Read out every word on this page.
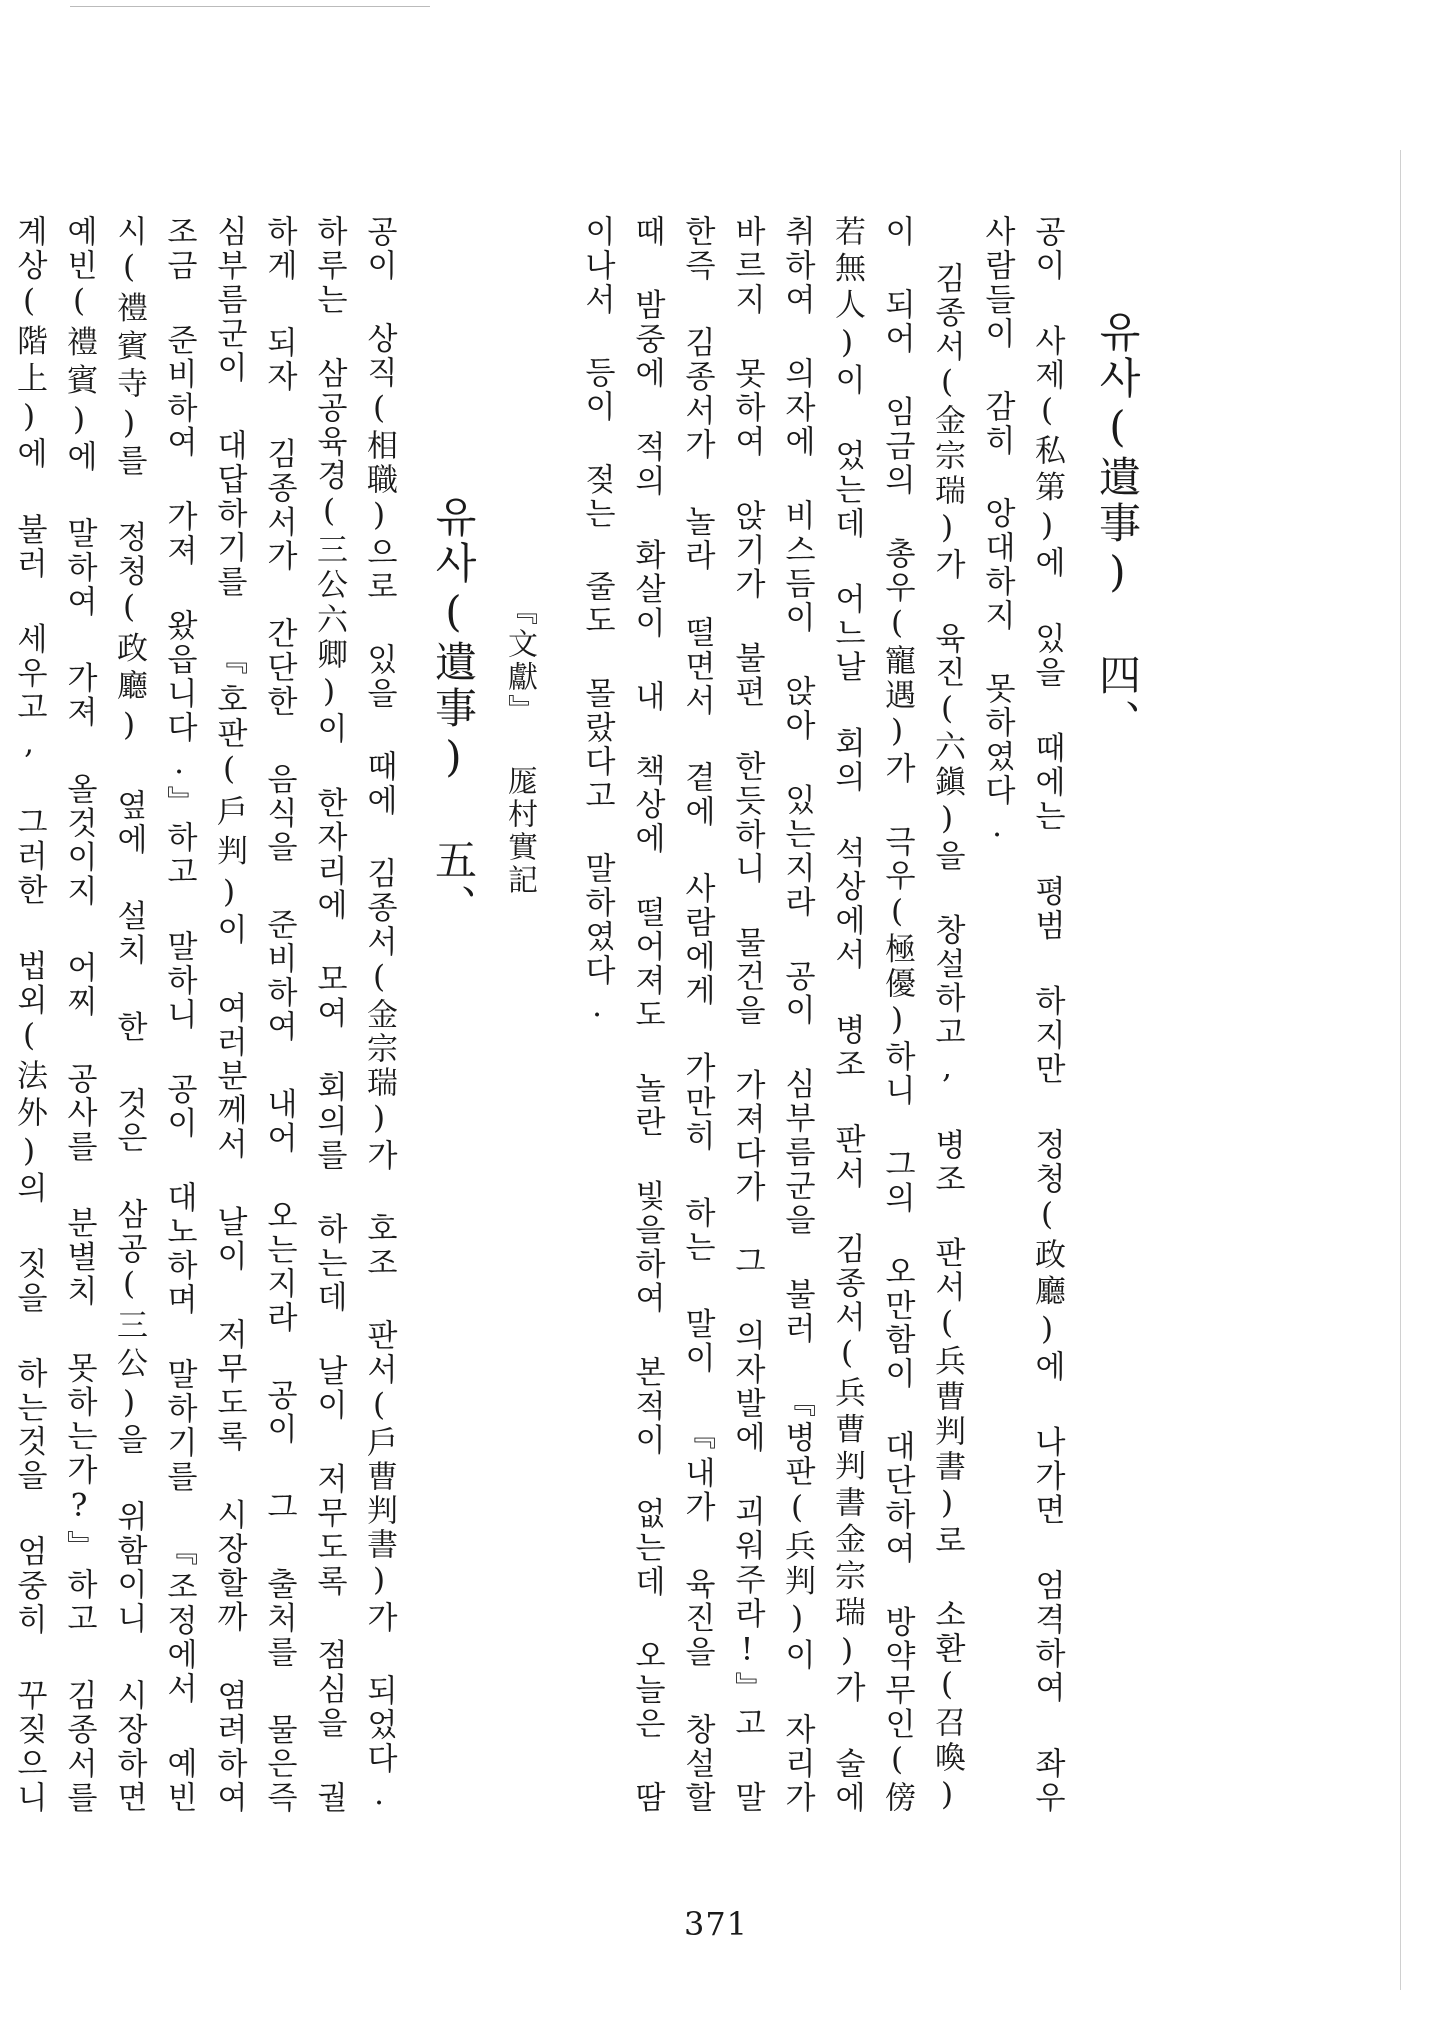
유사(遺事) 四、

공이 사제(私第)에 있을 때에는 평범 하지만 정청(政廳)에 나가면 엄격하여 좌우 사람들이 감히 앙대하지 못하였다.

김종서(金宗瑞)가 육진(六鎭)을 창설하고, 병조 판서(兵曹判書)로 소환(召喚)이 되어 임금의 총우(寵遇)가 극우(極優)하니 그의 오만함이 대단하여 방약무인(傍若無人)이 었는데 어느날 회의 석상에서 병조 판서 김종서(兵曹判書金宗瑞)가 술에 취하여 의자에 비스듬이 앉아 있는지라 공이 심부름군을 불러 『병판(兵判)이 자리가 바르지 못하여 앉기가 불편 한듯하니 물건을 가져다가 그 의자발에 괴워주라!』고 말 한즉 김종서가 놀라 떨면서 곁에 사람에게 가만히 하는 말이 『내가 육진을 창설할 때 밤중에 적의 화살이 내 책상에 떨어져도 놀란 빛을하여 본적이 없는데 오늘은 땀이나서 등이 젖는 줄도 몰랐다고 말하였다.

『文獻』 厖村實記
유사(遺事) 五、

공이 상직(相職)으로 있을 때에 김종서(金宗瑞)가 호조 판서(戶曹判書)가 되었다. 하루는 삼공육경(三公六卿)이 한자리에 모여 회의를 하는데 날이 저무도록 점심을 궐하게 되자 김종서가 간단한 음식을 준비하여 내어 오는지라 공이 그 출처를 물은즉 심부름군이 대답하기를 『호판(戶判)이 여러분께서 날이 저무도록 시장할까 염려하여 조금 준비하여 가져 왔읍니다.』하고 말하니 공이 대노하며 말하기를 『조정에서 예빈시(禮賓寺)를 정청(政廳) 옆에 설치 한 것은 삼공(三公)을 위함이니 시장하면 예빈(禮賓)에 말하여 가져 올것이지 어찌 공사를 분별치 못하는가?』하고 김종서를 계상(階上)에 불러 세우고, 그러한 법외(法外)의 짓을 하는것을 엄중히 꾸짖으니

371
